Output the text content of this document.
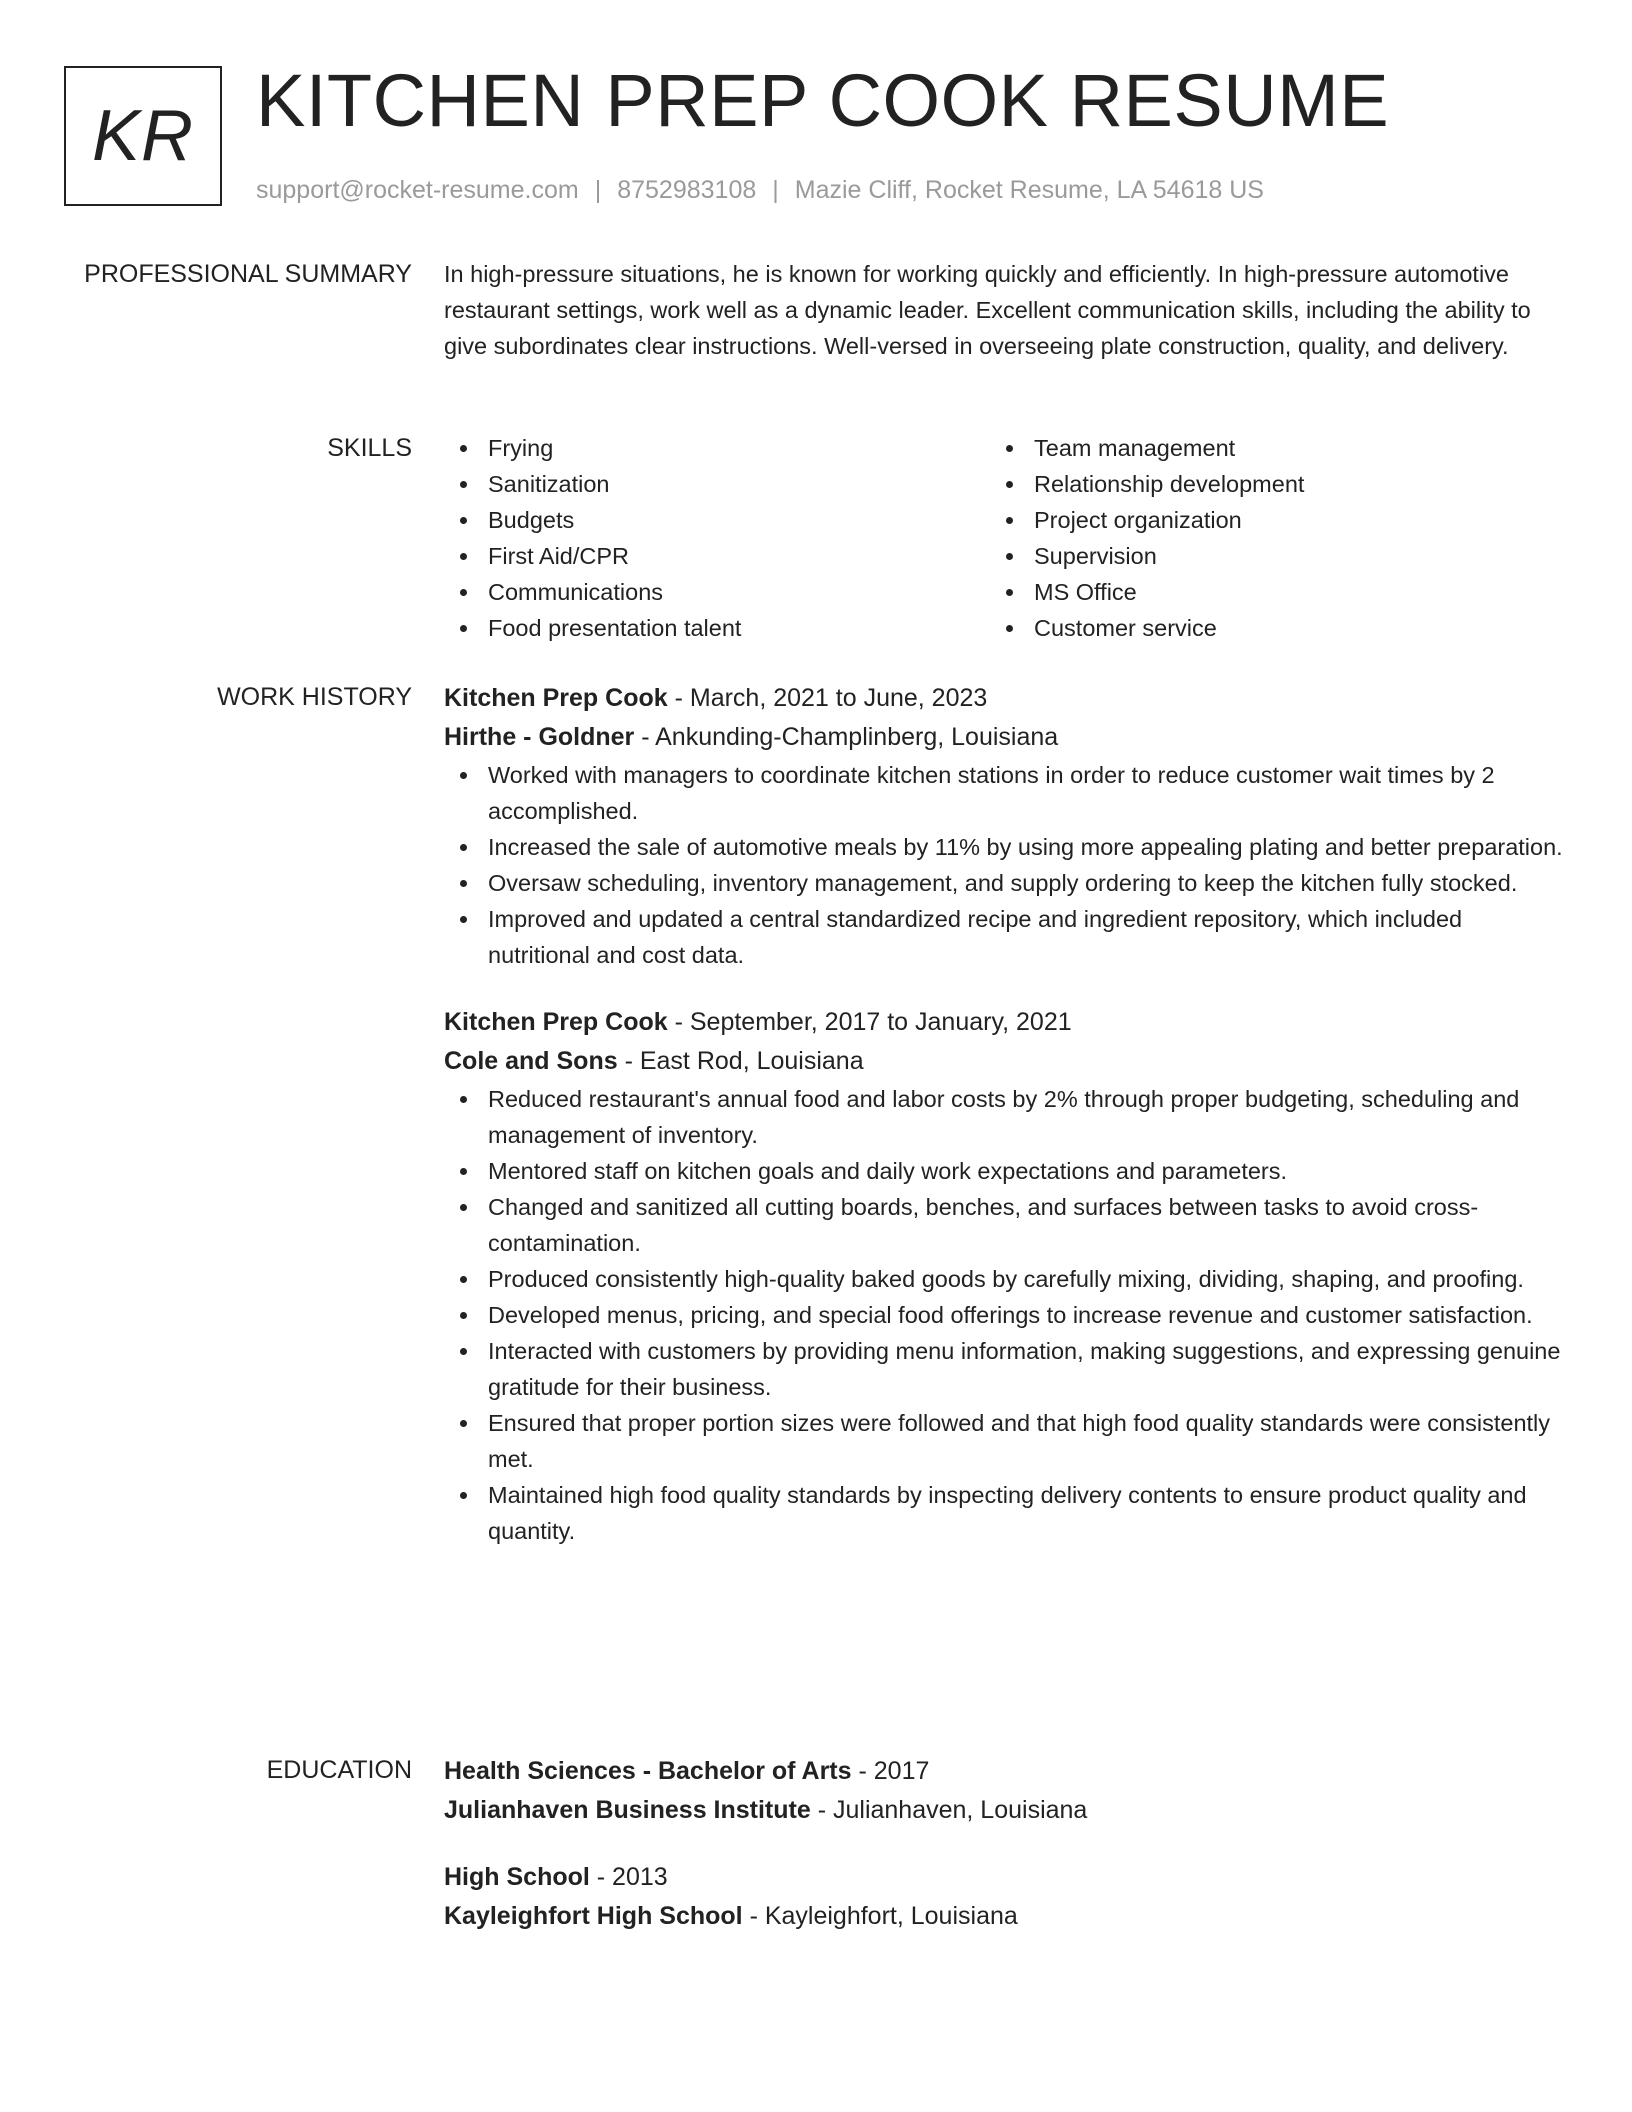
KR KITCHEN PREP COOK RESUME
support@rocket-resume.com | 8752983108 | Mazie Cliff, Rocket Resume, LA 54618 US
PROFESSIONAL SUMMARY In high-pressure situations, he is known for working quickly and efficiently. In high-pressure automotive restaurant settings, work well as a dynamic leader. Excellent communication skills, including the ability to give subordinates clear instructions. Well-versed in overseeing plate construction, quality, and delivery.

SKILLS	Frying
Sanitization
Budgets
First Aid/CPR
Communications
Food presentation talent
Team management
Relationship development
Project organization
Supervision
MS Office
Customer service
WORK HISTORY Kitchen Prep Cook - March, 2021 to June, 2023
Hirthe - Goldner - Ankunding-Champlinberg, Louisiana
Worked with managers to coordinate kitchen stations in order to reduce customer wait times by 2 accomplished.
Increased the sale of automotive meals by 11% by using more appealing plating and better preparation.
Oversaw scheduling, inventory management, and supply ordering to keep the kitchen fully stocked.
Improved and updated a central standardized recipe and ingredient repository, which included nutritional and cost data.
Kitchen Prep Cook - September, 2017 to January, 2021
Cole and Sons - East Rod, Louisiana
Reduced restaurant's annual food and labor costs by 2% through proper budgeting, scheduling and management of inventory.
Mentored staff on kitchen goals and daily work expectations and parameters.
Changed and sanitized all cutting boards, benches, and surfaces between tasks to avoid cross-contamination.
Produced consistently high-quality baked goods by carefully mixing, dividing, shaping, and proofing.
Developed menus, pricing, and special food offerings to increase revenue and customer satisfaction.
Interacted with customers by providing menu information, making suggestions, and expressing genuine gratitude for their business.
Ensured that proper portion sizes were followed and that high food quality standards were consistently met.
Maintained high food quality standards by inspecting delivery contents to ensure product quality and quantity.
EDUCATION Health Sciences - Bachelor of Arts - 2017
Julianhaven Business Institute - Julianhaven, Louisiana
High School - 2013
Kayleighfort High School - Kayleighfort, Louisiana
